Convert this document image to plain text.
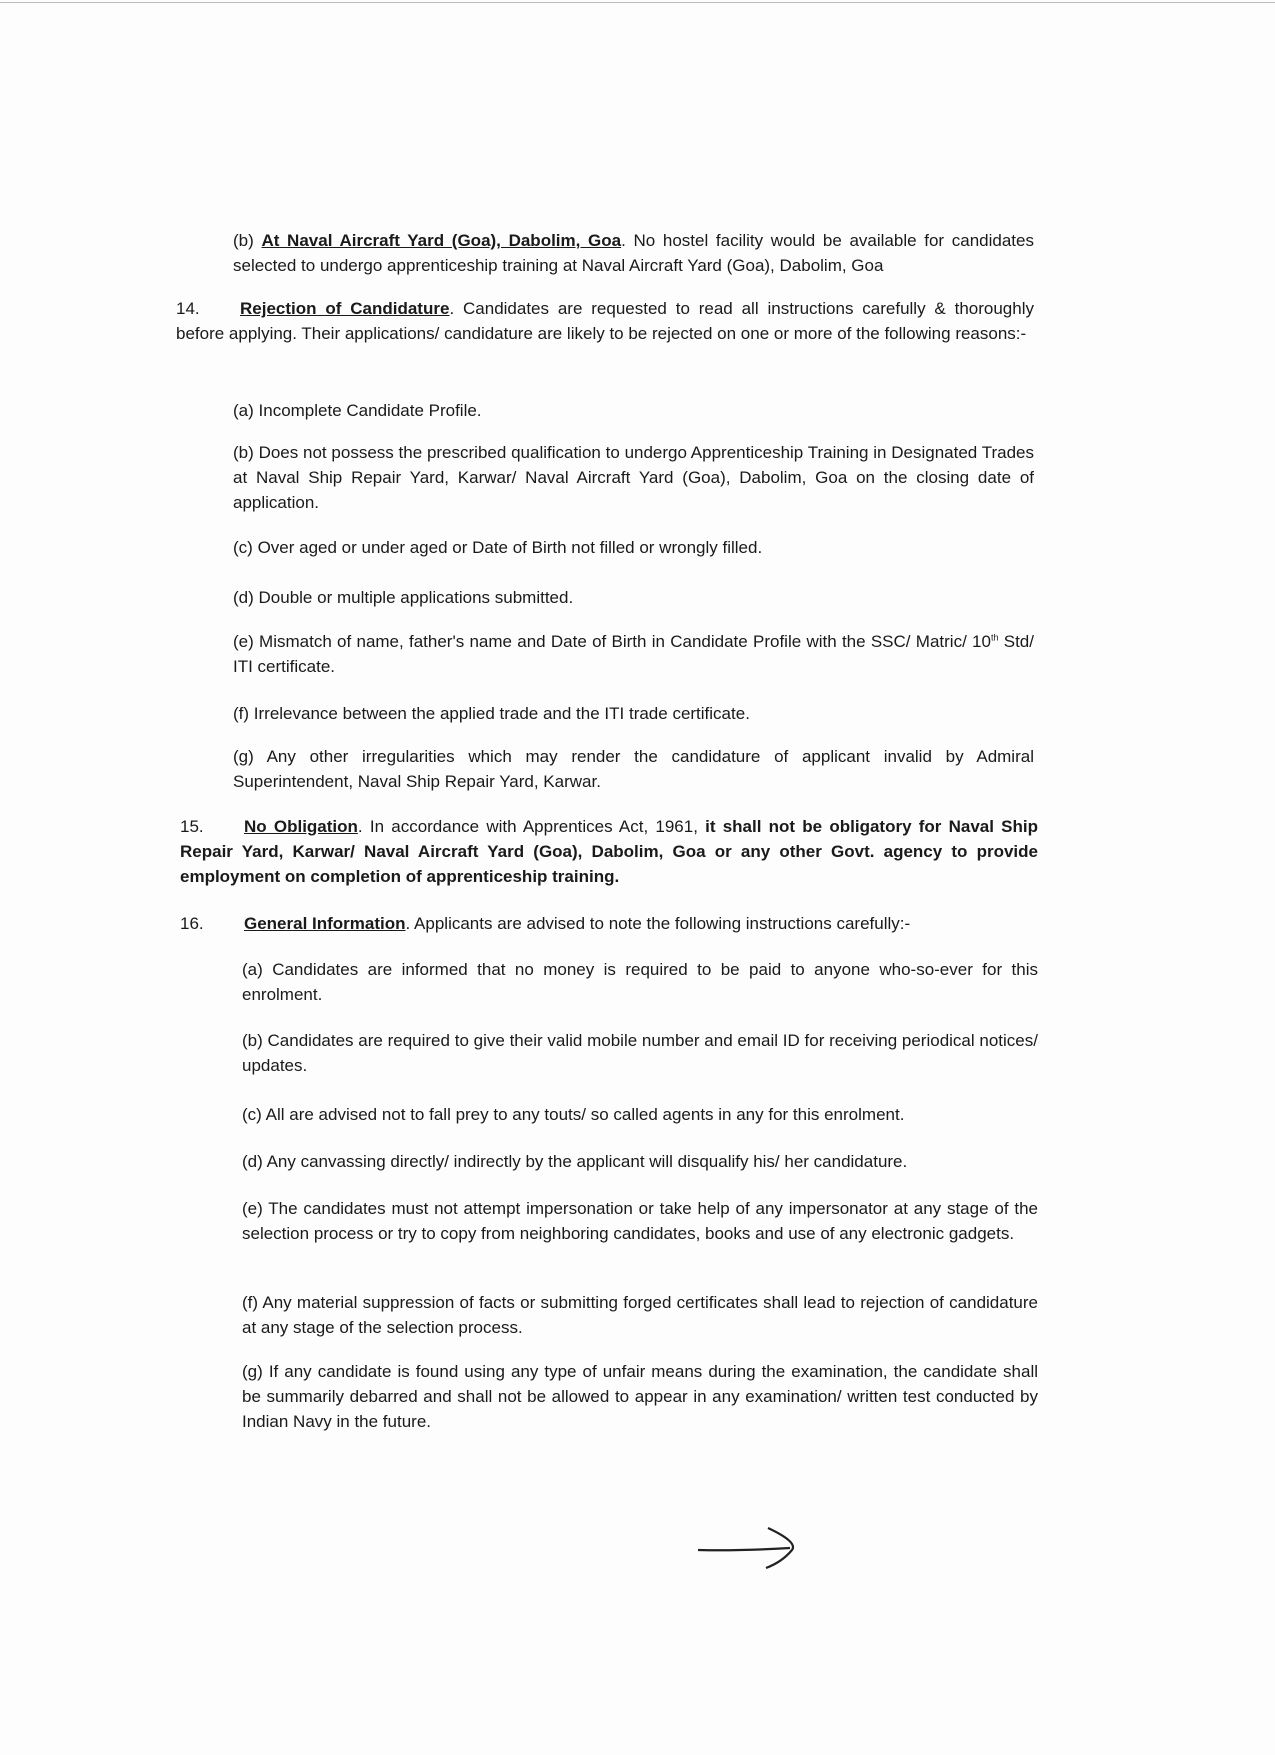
(b) At Naval Aircraft Yard (Goa), Dabolim, Goa. No hostel facility would be available for candidates selected to undergo apprenticeship training at Naval Aircraft Yard (Goa), Dabolim, Goa
14. Rejection of Candidature. Candidates are requested to read all instructions carefully & thoroughly before applying. Their applications/ candidature are likely to be rejected on one or more of the following reasons:-
(a) Incomplete Candidate Profile.
(b) Does not possess the prescribed qualification to undergo Apprenticeship Training in Designated Trades at Naval Ship Repair Yard, Karwar/ Naval Aircraft Yard (Goa), Dabolim, Goa on the closing date of application.
(c) Over aged or under aged or Date of Birth not filled or wrongly filled.
(d) Double or multiple applications submitted.
(e) Mismatch of name, father's name and Date of Birth in Candidate Profile with the SSC/ Matric/ 10th Std/ ITI certificate.
(f) Irrelevance between the applied trade and the ITI trade certificate.
(g) Any other irregularities which may render the candidature of applicant invalid by Admiral Superintendent, Naval Ship Repair Yard, Karwar.
15. No Obligation. In accordance with Apprentices Act, 1961, it shall not be obligatory for Naval Ship Repair Yard, Karwar/ Naval Aircraft Yard (Goa), Dabolim, Goa or any other Govt. agency to provide employment on completion of apprenticeship training.
16. General Information. Applicants are advised to note the following instructions carefully:-
(a) Candidates are informed that no money is required to be paid to anyone who-so-ever for this enrolment.
(b) Candidates are required to give their valid mobile number and email ID for receiving periodical notices/ updates.
(c) All are advised not to fall prey to any touts/ so called agents in any for this enrolment.
(d) Any canvassing directly/ indirectly by the applicant will disqualify his/ her candidature.
(e) The candidates must not attempt impersonation or take help of any impersonator at any stage of the selection process or try to copy from neighboring candidates, books and use of any electronic gadgets.
(f) Any material suppression of facts or submitting forged certificates shall lead to rejection of candidature at any stage of the selection process.
(g) If any candidate is found using any type of unfair means during the examination, the candidate shall be summarily debarred and shall not be allowed to appear in any examination/ written test conducted by Indian Navy in the future.
